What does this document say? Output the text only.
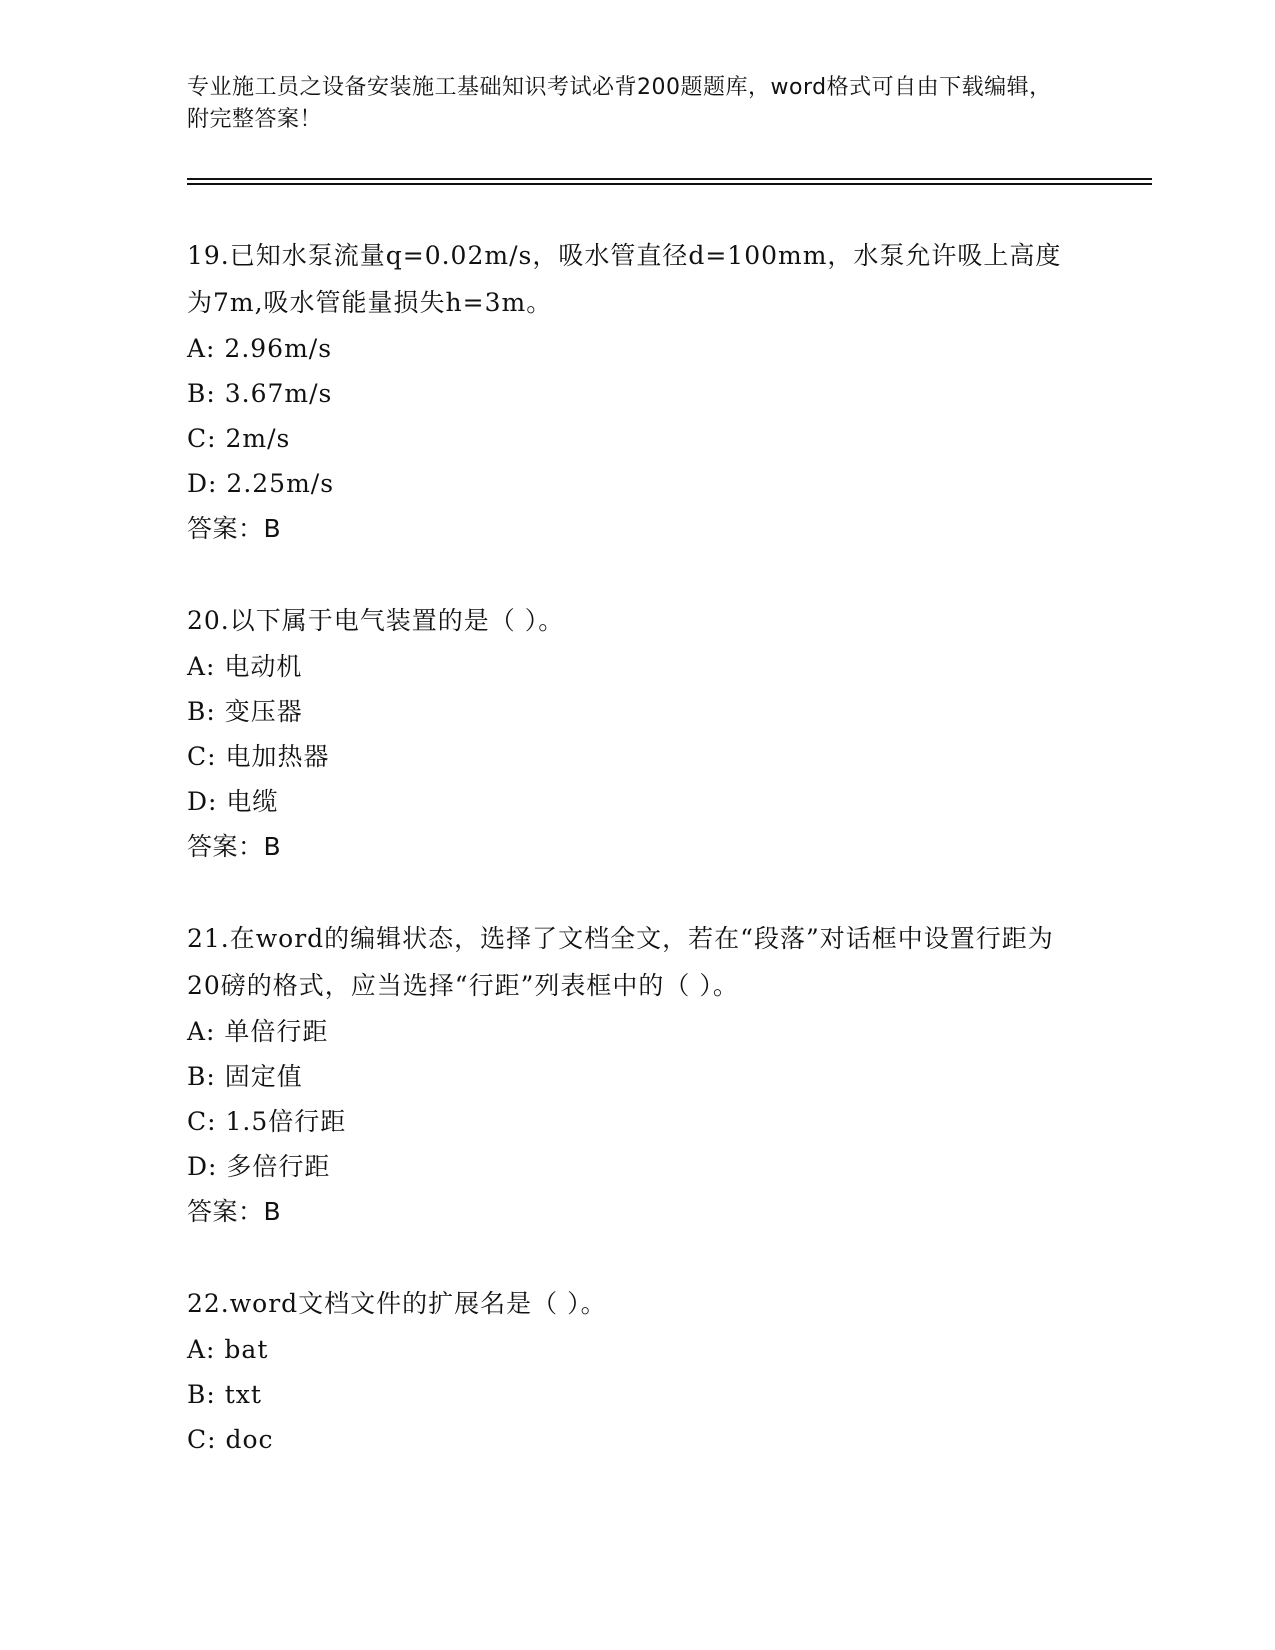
专业施工员之设备安装施工基础知识考试必背200题题库，word格式可自由下载编辑，附完整答案！
19.已知水泵流量q=0.02m/s，吸水管直径d=100mm，水泵允许吸上高度为7m,吸水管能量损失h=3m。
A: 2.96m/s
B: 3.67m/s
C: 2m/s
D: 2.25m/s
答案：B
20.以下属于电气装置的是（ ）。
A: 电动机
B: 变压器
C: 电加热器
D: 电缆
答案：B
21.在word的编辑状态，选择了文档全文，若在“段落”对话框中设置行距为20磅的格式，应当选择“行距”列表框中的（ ）。
A: 单倍行距
B: 固定值
C: 1.5倍行距
D: 多倍行距
答案：B
22.word文档文件的扩展名是（ ）。
A: bat
B: txt
C: doc
